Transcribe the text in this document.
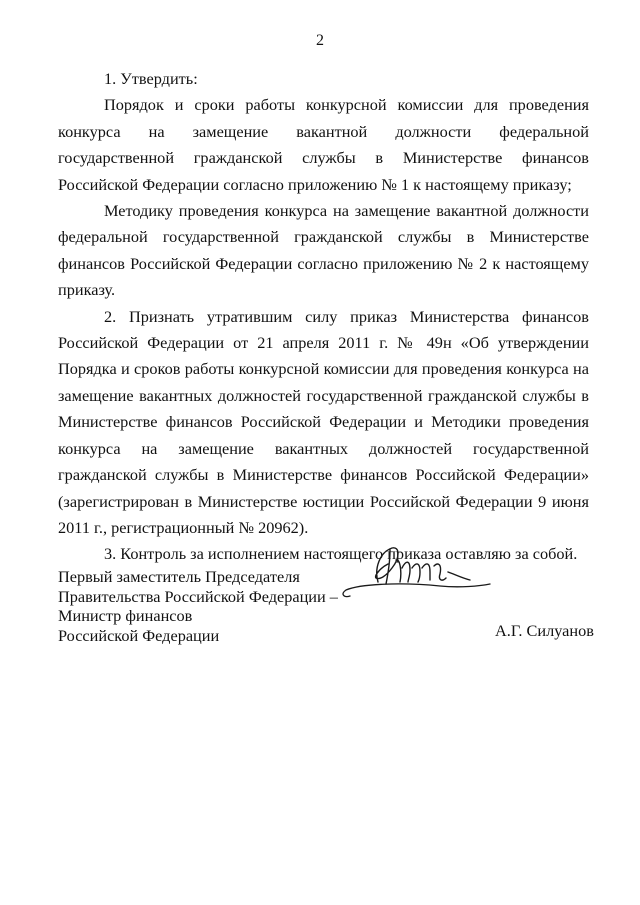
2

1. Утвердить:

Порядок и сроки работы конкурсной комиссии для проведения конкурса на замещение вакантной должности федеральной государственной гражданской службы в Министерстве финансов Российской Федерации согласно приложению № 1 к настоящему приказу;

Методику проведения конкурса на замещение вакантной должности федеральной государственной гражданской службы в Министерстве финансов Российской Федерации согласно приложению № 2 к настоящему приказу.

2. Признать утратившим силу приказ Министерства финансов Российской Федерации от 21 апреля 2011 г. № 49н «Об утверждении Порядка и сроков работы конкурсной комиссии для проведения конкурса на замещение вакантных должностей государственной гражданской службы в Министерстве финансов Российской Федерации и Методики проведения конкурса на замещение вакантных должностей государственной гражданской службы в Министерстве финансов Российской Федерации» (зарегистрирован в Министерстве юстиции Российской Федерации 9 июня 2011 г., регистрационный № 20962).

3. Контроль за исполнением настоящего приказа оставляю за собой.

Первый заместитель Председателя
Правительства Российской Федерации –
Министр финансов
Российской Федерации	А.Г. Силуанов
